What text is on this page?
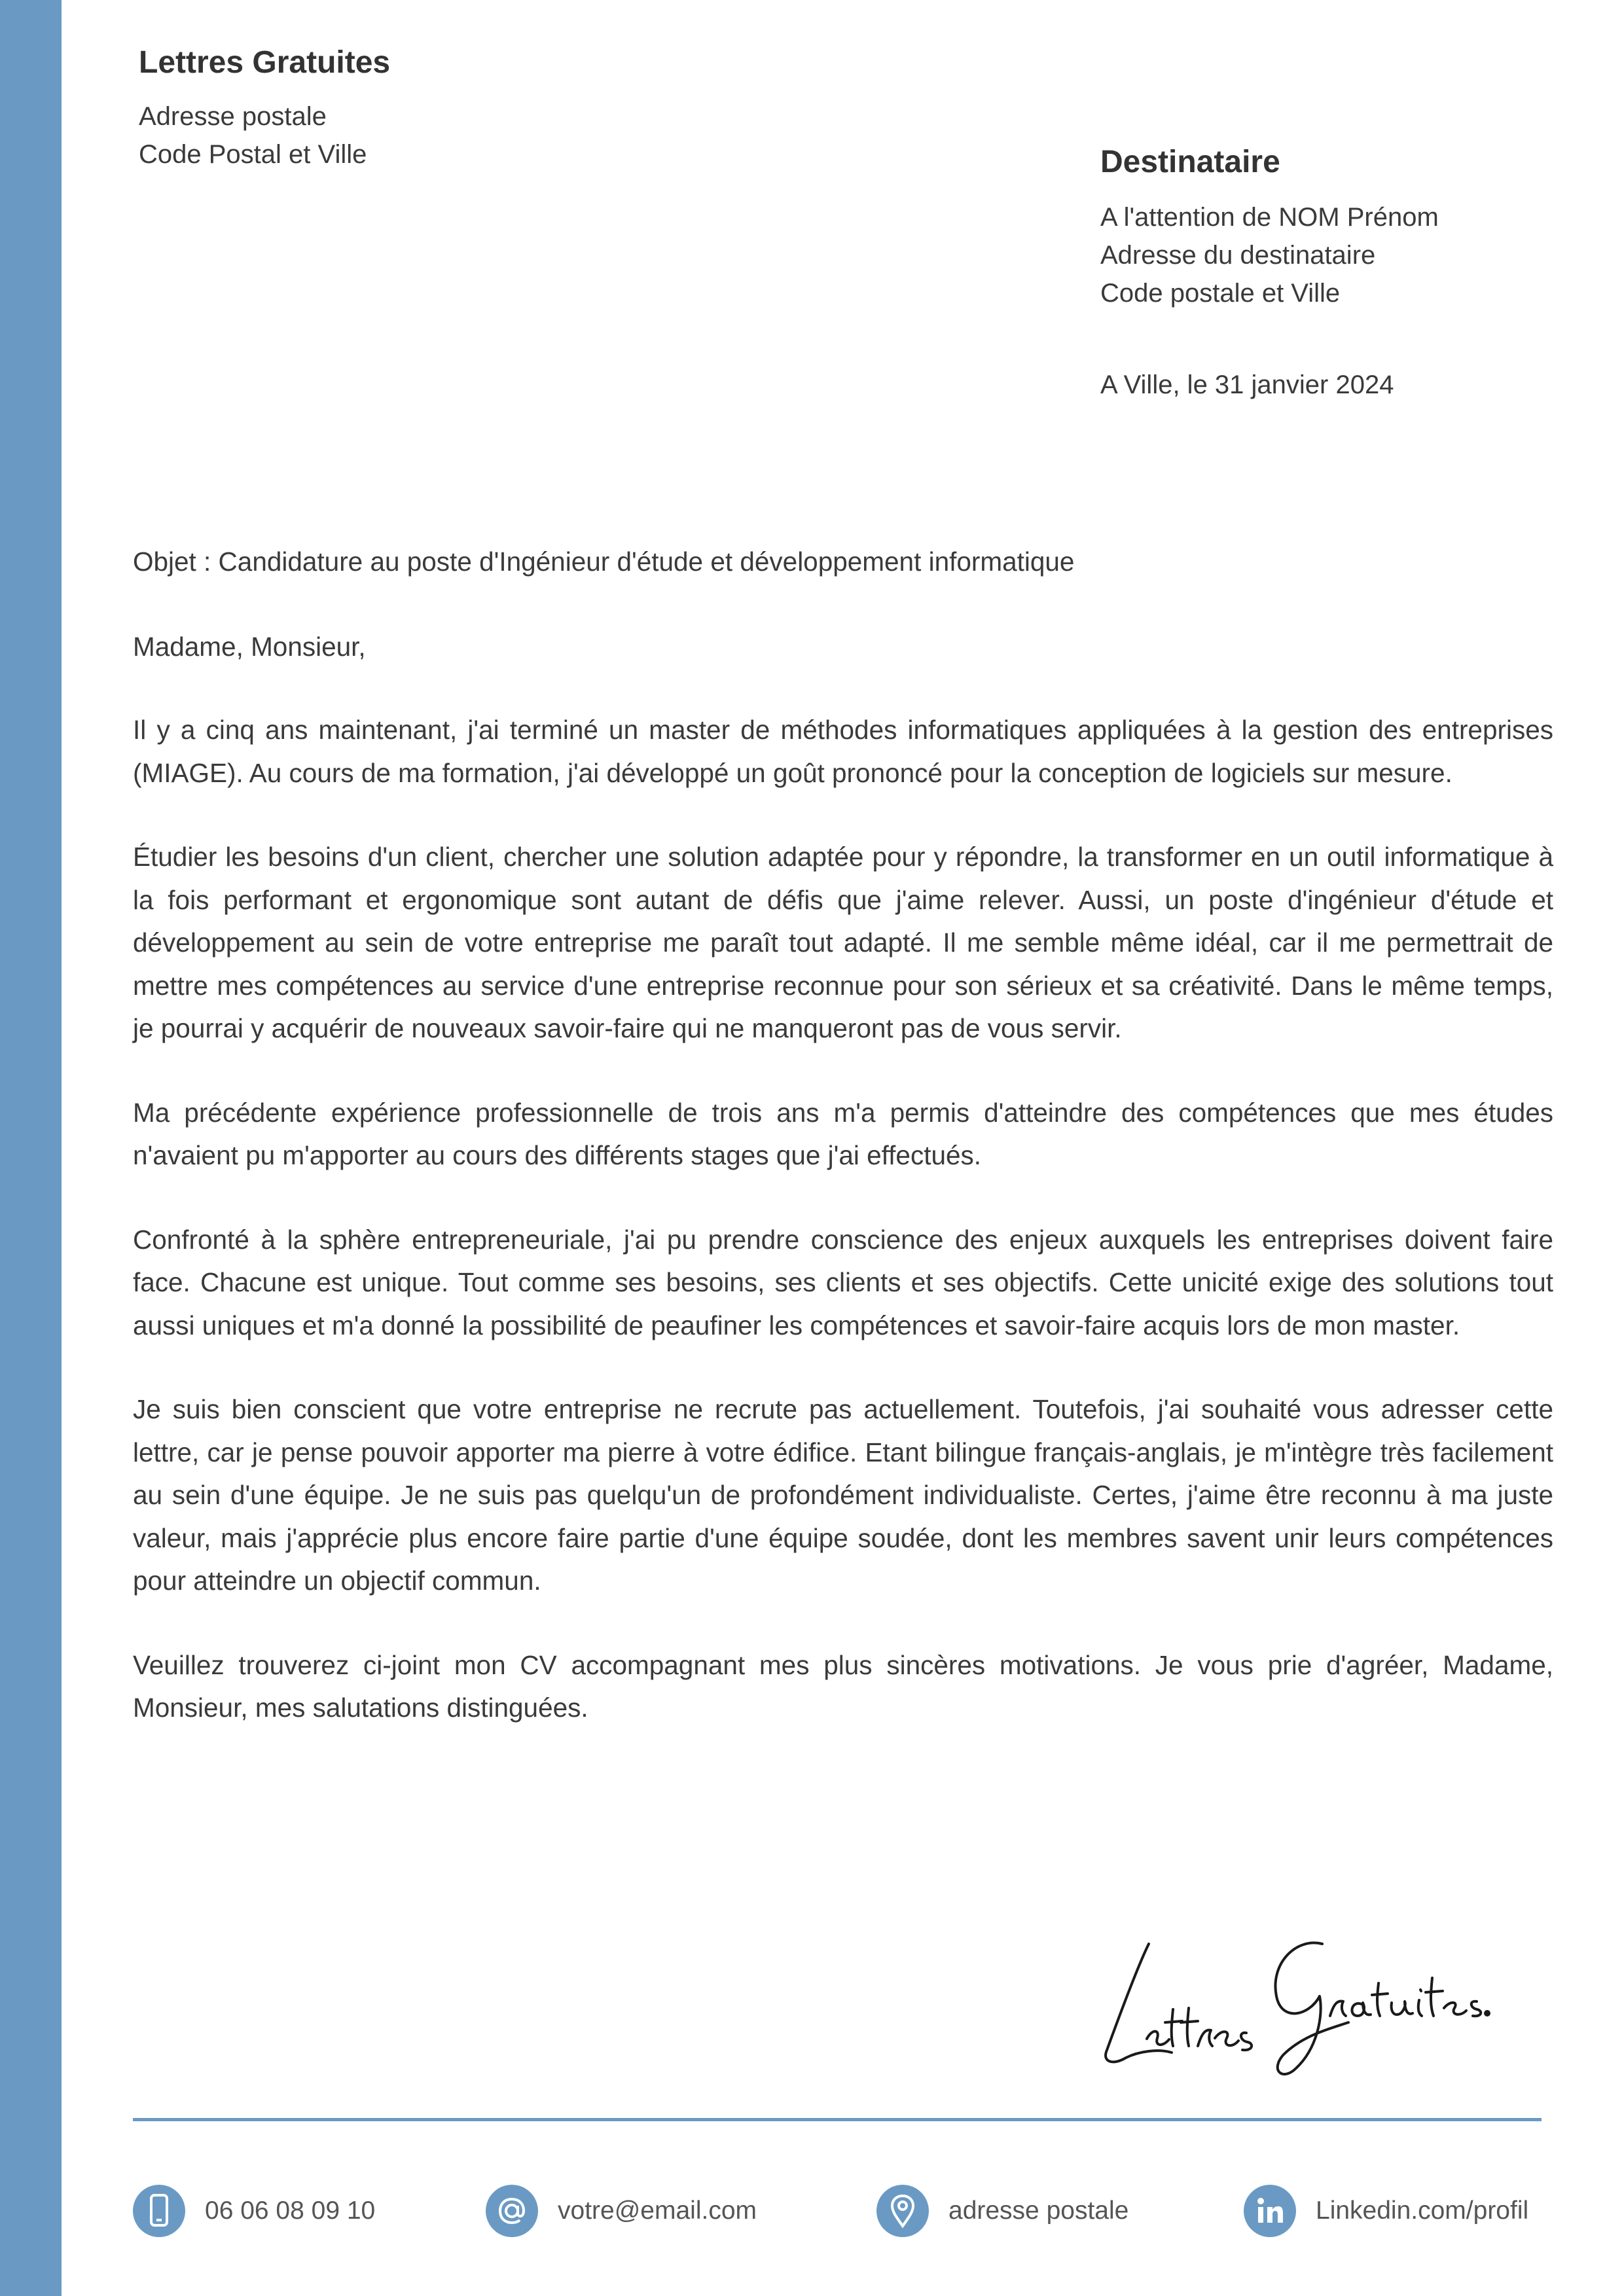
Lettres Gratuites
Adresse postale
Code Postal et Ville	Destinataire
A l'attention de NOM Prénom
Adresse du destinataire
Code postale et Ville
A Ville, le 31 janvier 2024

Objet : Candidature au poste d'Ingénieur d'étude et développement informatique

Madame, Monsieur,

Il y a cinq ans maintenant, j'ai terminé un master de méthodes informatiques appliquées à la gestion des entreprises (MIAGE). Au cours de ma formation, j'ai développé un goût prononcé pour la conception de logiciels sur mesure.

Étudier les besoins d'un client, chercher une solution adaptée pour y répondre, la transformer en un outil informatique à la fois performant et ergonomique sont autant de défis que j'aime relever. Aussi, un poste d'ingénieur d'étude et développement au sein de votre entreprise me paraît tout adapté. Il me semble même idéal, car il me permettrait de mettre mes compétences au service d'une entreprise reconnue pour son sérieux et sa créativité. Dans le même temps, je pourrai y acquérir de nouveaux savoir-faire qui ne manqueront pas de vous servir.

Ma précédente expérience professionnelle de trois ans m'a permis d'atteindre des compétences que mes études n'avaient pu m'apporter au cours des différents stages que j'ai effectués.

Confronté à la sphère entrepreneuriale, j'ai pu prendre conscience des enjeux auxquels les entreprises doivent faire face. Chacune est unique. Tout comme ses besoins, ses clients et ses objectifs. Cette unicité exige des solutions tout aussi uniques et m'a donné la possibilité de peaufiner les compétences et savoir-faire acquis lors de mon master.

Je suis bien conscient que votre entreprise ne recrute pas actuellement. Toutefois, j'ai souhaité vous adresser cette lettre, car je pense pouvoir apporter ma pierre à votre édifice. Etant bilingue français-anglais, je m'intègre très facilement au sein d'une équipe. Je ne suis pas quelqu'un de profondément individualiste. Certes, j'aime être reconnu à ma juste valeur, mais j'apprécie plus encore faire partie d'une équipe soudée, dont les membres savent unir leurs compétences pour atteindre un objectif commun.

Veuillez trouverez ci-joint mon CV accompagnant mes plus sincères motivations. Je vous prie d'agréer, Madame, Monsieur, mes salutations distinguées.

06 06 08 09 10	votre@email.com	adresse postale	Linkedin.com/profil
